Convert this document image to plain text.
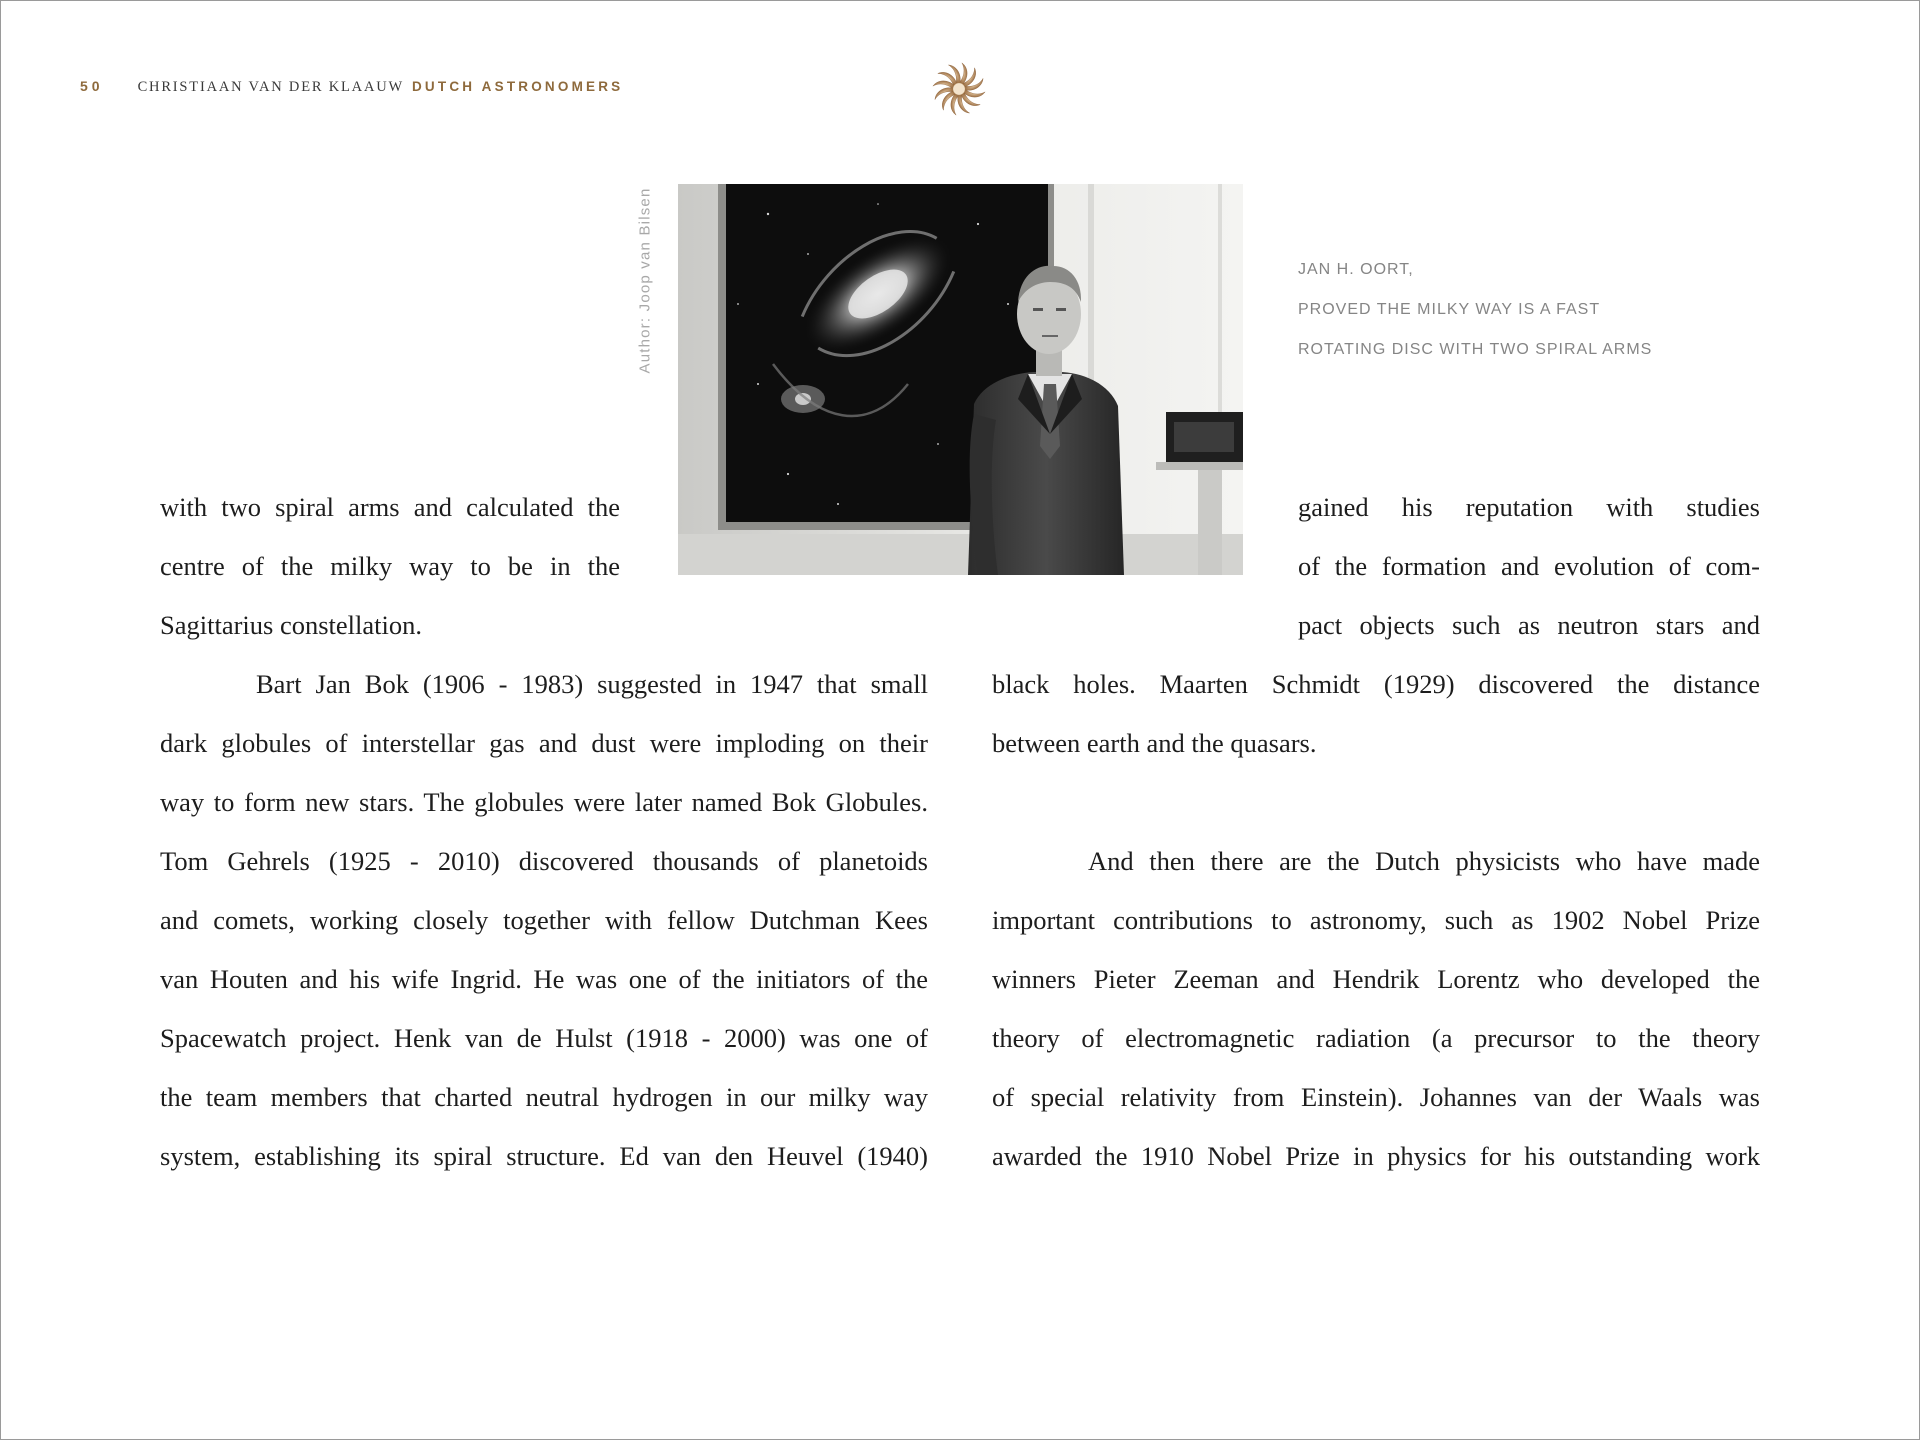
50 CHRISTIAAN VAN DER KLAAUW DUTCH ASTRONOMERS
Author: Joop van Bilsen	JAN H. OORT,
PROVED THE MILKY WAY IS A FAST
ROTATING DISC WITH TWO SPIRAL ARMS
with two spiral arms and calculated the
centre of the milky way to be in the
Sagittarius constellation.
Bart Jan Bok (1906 - 1983) suggested in 1947 that small
dark globules of interstellar gas and dust were imploding on their
way to form new stars. The globules were later named Bok Globules.
Tom Gehrels (1925 - 2010) discovered thousands of planetoids
and comets, working closely together with fellow Dutchman Kees
van Houten and his wife Ingrid. He was one of the initiators of the
Spacewatch project. Henk van de Hulst (1918 - 2000) was one of
the team members that charted neutral hydrogen in our milky way
system, establishing its spiral structure. Ed van den Heuvel (1940)
gained his reputation with studies
of the formation and evolution of com-
pact objects such as neutron stars and
black holes. Maarten Schmidt (1929) discovered the distance
between earth and the quasars.
And then there are the Dutch physicists who have made
important contributions to astronomy, such as 1902 Nobel Prize
winners Pieter Zeeman and Hendrik Lorentz who developed the
theory of electromagnetic radiation (a precursor to the theory
of special relativity from Einstein). Johannes van der Waals was
awarded the 1910 Nobel Prize in physics for his outstanding work
